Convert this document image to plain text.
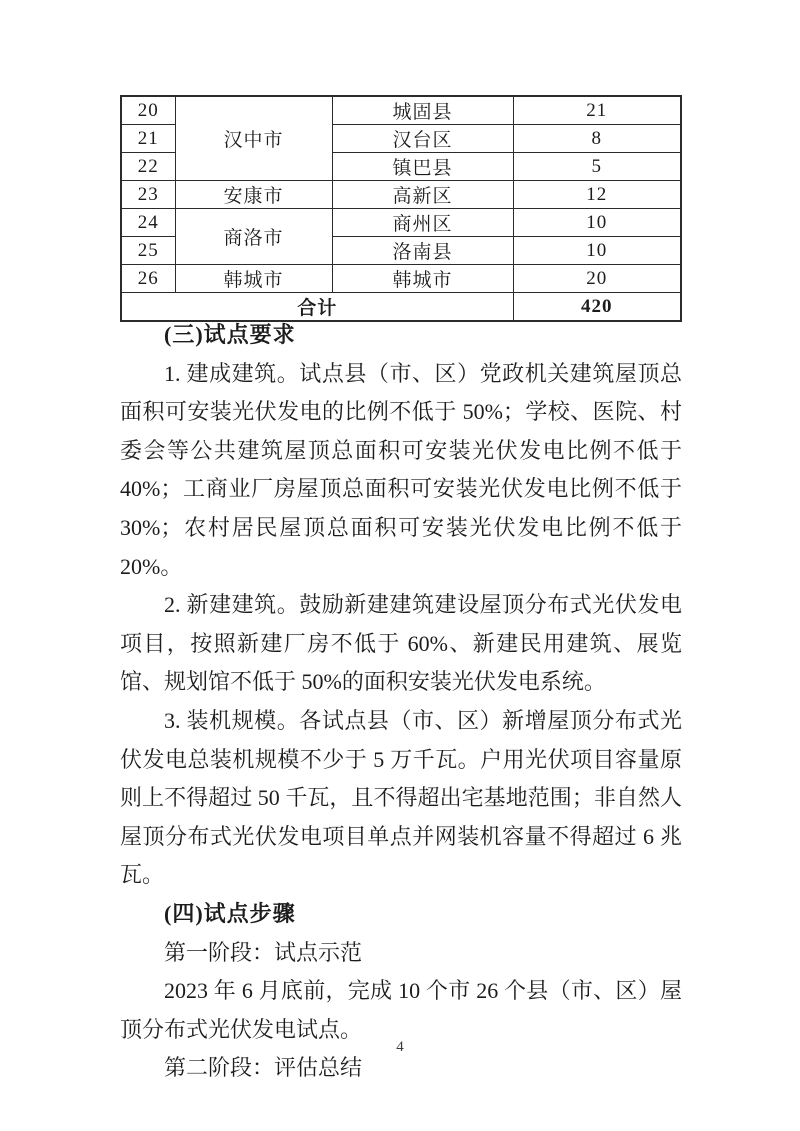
20	汉中市	城固县	21
21		汉台区	8
22		镇巴县	5
23	安康市	高新区	12
24	商洛市	商州区	10
25		洛南县	10
26	韩城市	韩城市	20
合计			420
(三)试点要求

1. 建成建筑。试点县（市、区）党政机关建筑屋顶总面积可安装光伏发电的比例不低于 50%；学校、医院、村委会等公共建筑屋顶总面积可安装光伏发电比例不低于 40%；工商业厂房屋顶总面积可安装光伏发电比例不低于 30%；农村居民屋顶总面积可安装光伏发电比例不低于 20%。

2. 新建建筑。鼓励新建建筑建设屋顶分布式光伏发电项目，按照新建厂房不低于 60%、新建民用建筑、展览馆、规划馆不低于 50%的面积安装光伏发电系统。

3. 装机规模。各试点县（市、区）新增屋顶分布式光伏发电总装机规模不少于 5 万千瓦。户用光伏项目容量原则上不得超过 50 千瓦，且不得超出宅基地范围；非自然人屋顶分布式光伏发电项目单点并网装机容量不得超过 6 兆瓦。

(四)试点步骤

第一阶段：试点示范

2023 年 6 月底前，完成 10 个市 26 个县（市、区）屋顶分布式光伏发电试点。

第二阶段：评估总结

4
